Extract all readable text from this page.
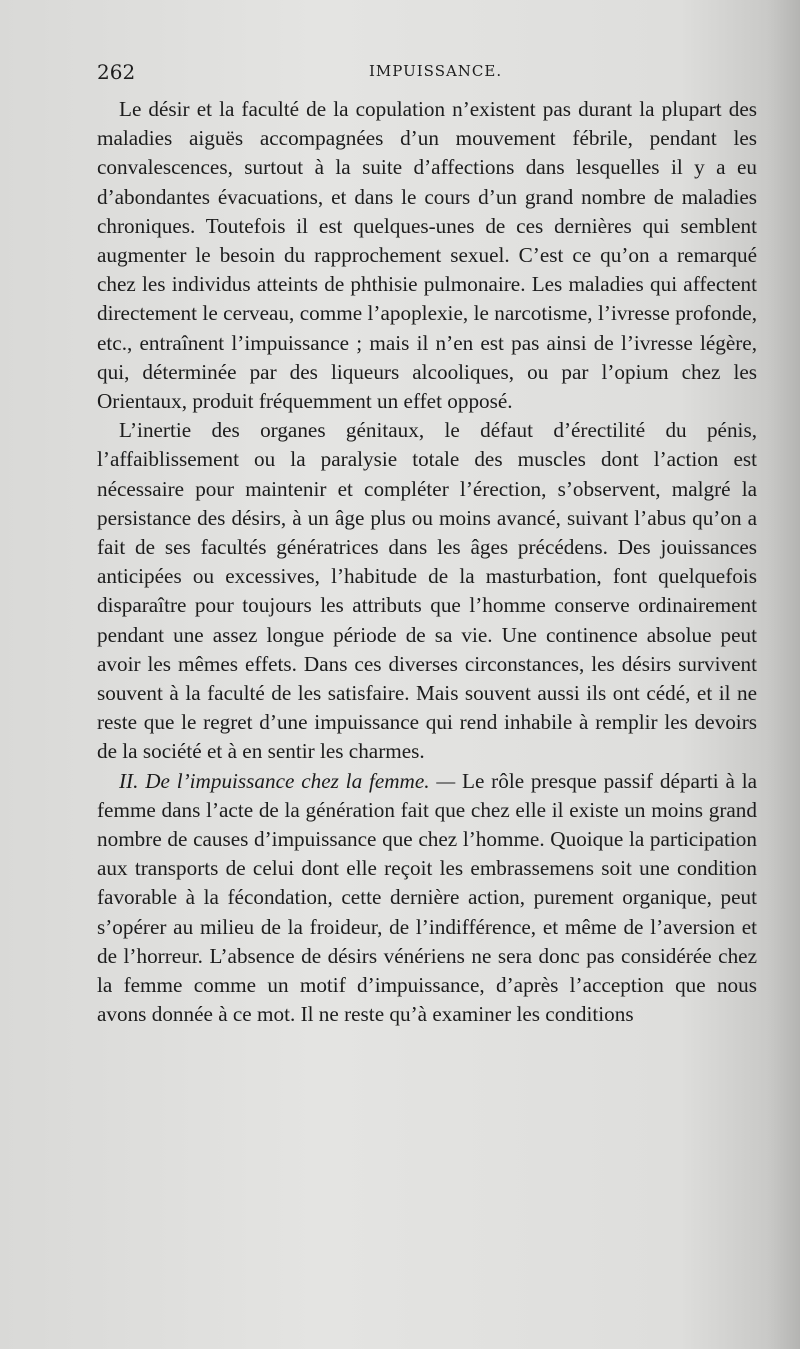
262	IMPUISSANCE.

Le désir et la faculté de la copulation n’existent pas durant la plupart des maladies aiguës accompagnées d’un mouvement fébrile, pendant les convalescences, surtout à la suite d’affections dans lesquelles il y a eu d’abondantes évacuations, et dans le cours d’un grand nombre de maladies chroniques. Toutefois il est quelques-unes de ces dernières qui semblent augmenter le besoin du rapprochement sexuel. C’est ce qu’on a remarqué chez les individus atteints de phthisie pulmonaire. Les maladies qui affectent directement le cerveau, comme l’apoplexie, le narcotisme, l’ivresse profonde, etc., entraînent l’impuissance ; mais il n’en est pas ainsi de l’ivresse légère, qui, déterminée par des liqueurs alcooliques, ou par l’opium chez les Orientaux, produit fréquemment un effet opposé.

L’inertie des organes génitaux, le défaut d’érectilité du pénis, l’affaiblissement ou la paralysie totale des muscles dont l’action est nécessaire pour maintenir et compléter l’érection, s’observent, malgré la persistance des désirs, à un âge plus ou moins avancé, suivant l’abus qu’on a fait de ses facultés génératrices dans les âges précédens. Des jouissances anticipées ou excessives, l’habitude de la masturbation, font quelquefois disparaître pour toujours les attributs que l’homme conserve ordinairement pendant une assez longue période de sa vie. Une continence absolue peut avoir les mêmes effets. Dans ces diverses circonstances, les désirs survivent souvent à la faculté de les satisfaire. Mais souvent aussi ils ont cédé, et il ne reste que le regret d’une impuissance qui rend inhabile à remplir les devoirs de la société et à en sentir les charmes.

II. De l’impuissance chez la femme. — Le rôle presque passif départi à la femme dans l’acte de la génération fait que chez elle il existe un moins grand nombre de causes d’impuissance que chez l’homme. Quoique la participation aux transports de celui dont elle reçoit les embrassemens soit une condition favorable à la fécondation, cette dernière action, purement organique, peut s’opérer au milieu de la froideur, de l’indifférence, et même de l’aversion et de l’horreur. L’absence de désirs vénériens ne sera donc pas considérée chez la femme comme un motif d’impuissance, d’après l’acception que nous avons donnée à ce mot. Il ne reste qu’à examiner les conditions
